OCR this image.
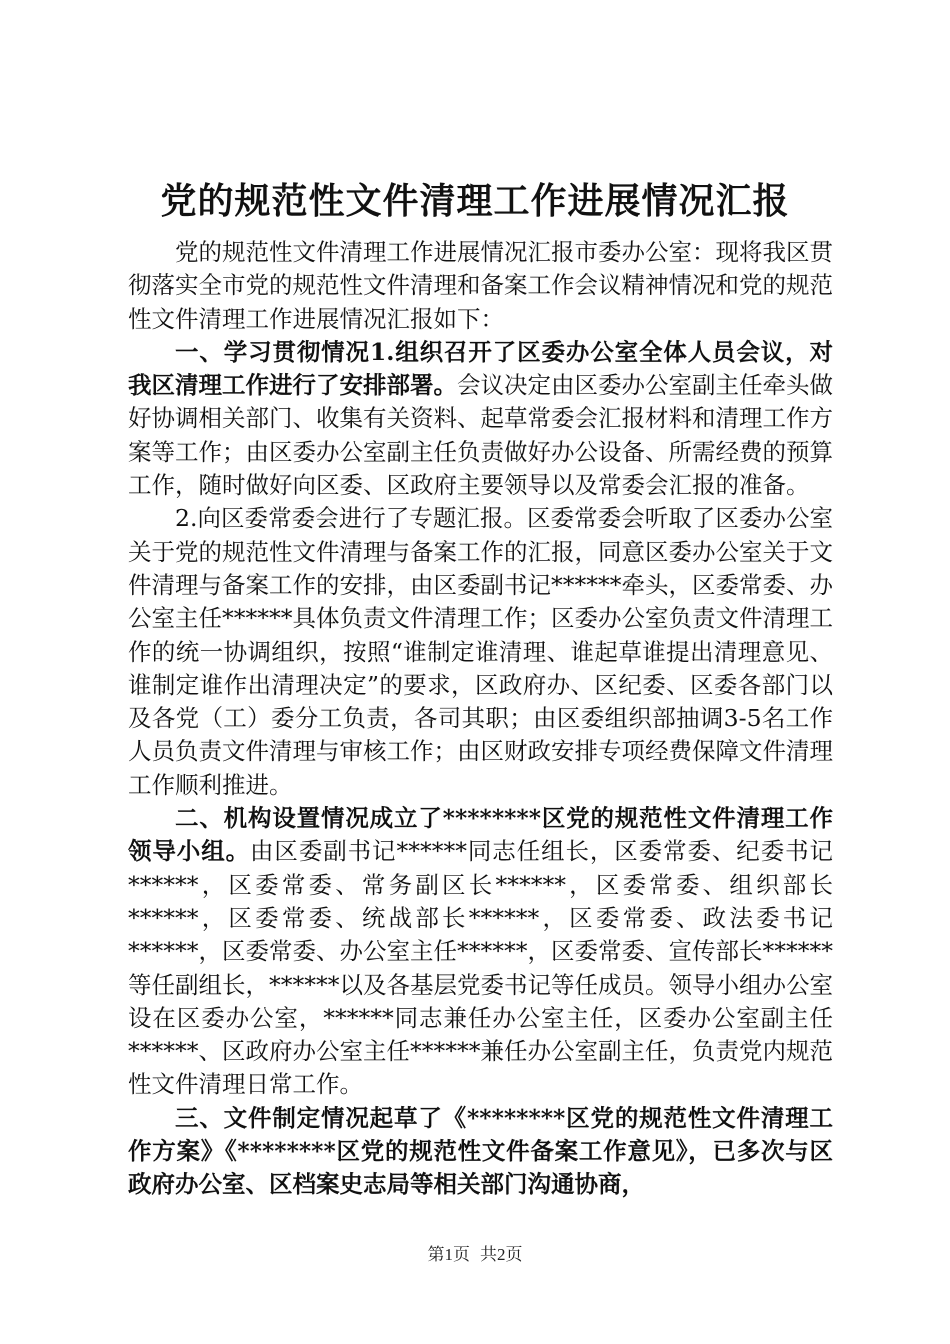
党的规范性文件清理工作进展情况汇报

党的规范性文件清理工作进展情况汇报市委办公室：现将我区贯彻落实全市党的规范性文件清理和备案工作会议精神情况和党的规范性文件清理工作进展情况汇报如下：

一、学习贯彻情况1.组织召开了区委办公室全体人员会议，对我区清理工作进行了安排部署。会议决定由区委办公室副主任牵头做好协调相关部门、收集有关资料、起草常委会汇报材料和清理工作方案等工作；由区委办公室副主任负责做好办公设备、所需经费的预算工作，随时做好向区委、区政府主要领导以及常委会汇报的准备。

2.向区委常委会进行了专题汇报。区委常委会听取了区委办公室关于党的规范性文件清理与备案工作的汇报，同意区委办公室关于文件清理与备案工作的安排，由区委副书记******牵头，区委常委、办公室主任******具体负责文件清理工作；区委办公室负责文件清理工作的统一协调组织，按照“谁制定谁清理、谁起草谁提出清理意见、谁制定谁作出清理决定”的要求，区政府办、区纪委、区委各部门以及各党（工）委分工负责，各司其职；由区委组织部抽调3-5名工作人员负责文件清理与审核工作；由区财政安排专项经费保障文件清理工作顺利推进。

二、机构设置情况成立了********区党的规范性文件清理工作领导小组。由区委副书记******同志任组长，区委常委、纪委书记******，区委常委、常务副区长******，区委常委、组织部长******，区委常委、统战部长******，区委常委、政法委书记******，区委常委、办公室主任******，区委常委、宣传部长******等任副组长，******以及各基层党委书记等任成员。领导小组办公室设在区委办公室，******同志兼任办公室主任，区委办公室副主任******、区政府办公室主任******兼任办公室副主任，负责党内规范性文件清理日常工作。

三、文件制定情况起草了《********区党的规范性文件清理工作方案》《********区党的规范性文件备案工作意见》，已多次与区政府办公室、区档案史志局等相关部门沟通协商，

第1页 共2页
